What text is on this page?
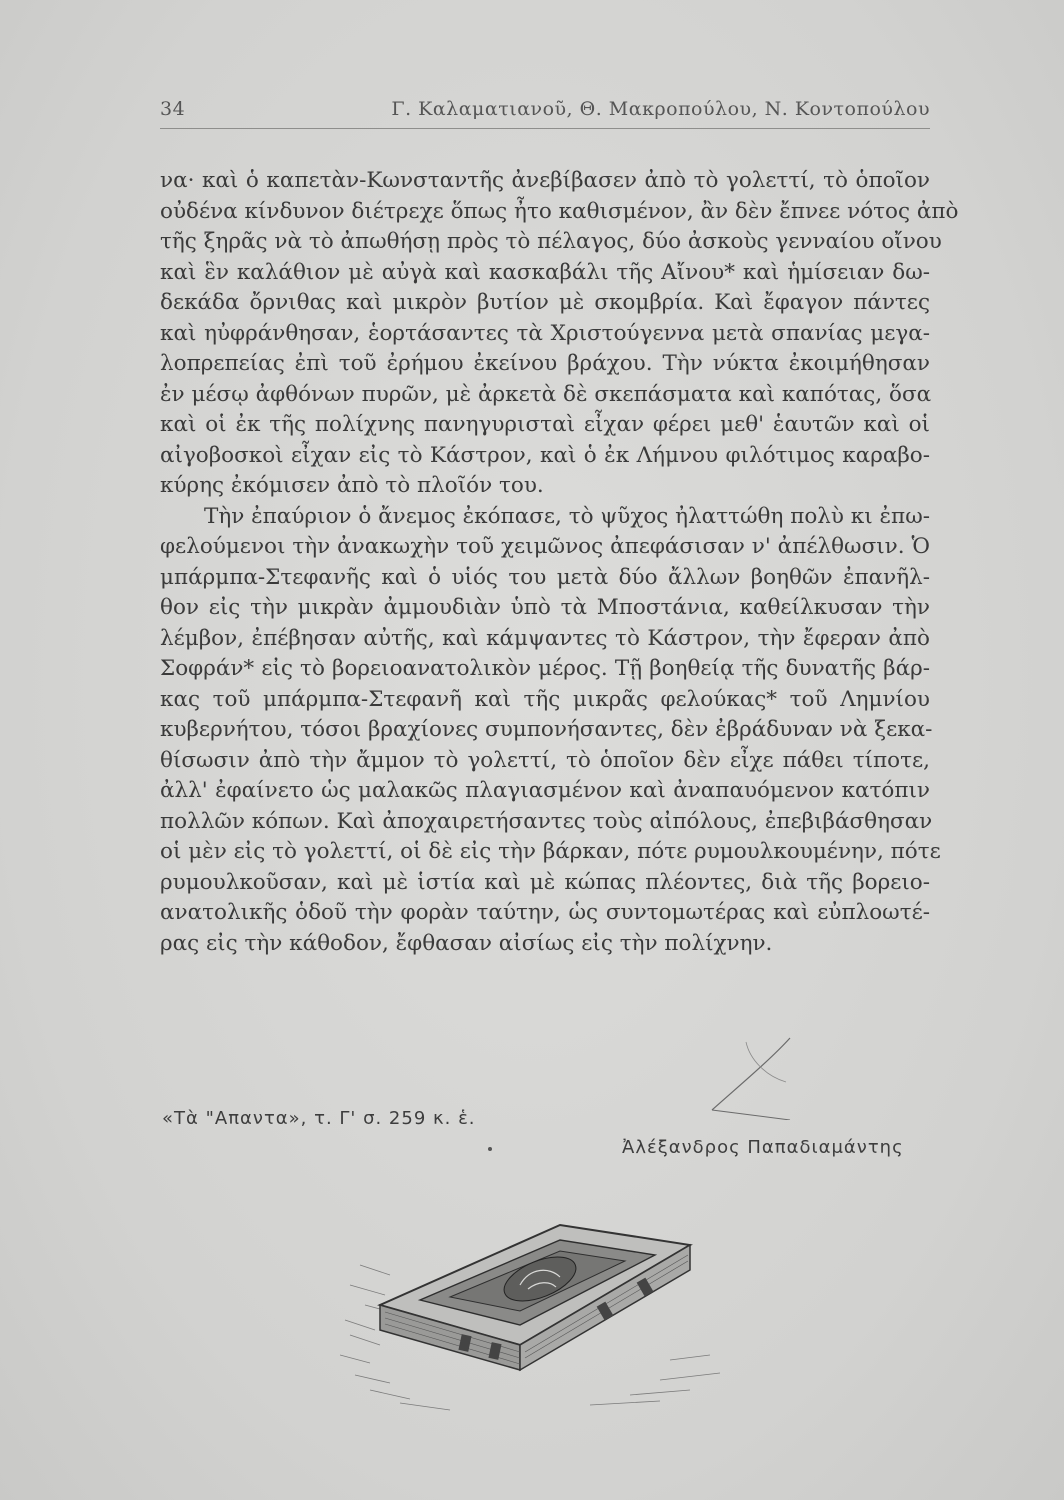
34	Γ. Καλαματιανοῦ, Θ. Μακροπούλου, Ν. Κοντοπούλου
να· καὶ ὁ καπετὰν-Κωνσταντῆς ἀνεβίβασεν ἀπὸ τὸ γολεττί, τὸ ὁποῖον
οὐδένα κίνδυνον διέτρεχε ὅπως ἦτο καθισμένον, ἂν δὲν ἔπνεε νότος ἀπὸ
τῆς ξηρᾶς νὰ τὸ ἀπωθήσῃ πρὸς τὸ πέλαγος, δύο ἀσκοὺς γενναίου οἴνου
καὶ ἓν καλάθιον μὲ αὐγὰ καὶ κασκαβάλι τῆς Αἴνου* καὶ ἡμίσειαν δω-
δεκάδα ὄρνιθας καὶ μικρὸν βυτίον μὲ σκομβρία. Καὶ ἔφαγον πάντες
καὶ ηὐφράνθησαν, ἑορτάσαντες τὰ Χριστούγεννα μετὰ σπανίας μεγα-
λοπρεπείας ἐπὶ τοῦ ἐρήμου ἐκείνου βράχου. Τὴν νύκτα ἐκοιμήθησαν
ἐν μέσῳ ἀφθόνων πυρῶν, μὲ ἀρκετὰ δὲ σκεπάσματα καὶ καπότας, ὅσα
καὶ οἱ ἐκ τῆς πολίχνης πανηγυρισταὶ εἶχαν φέρει μεθ' ἑαυτῶν καὶ οἱ
αἰγοβοσκοὶ εἶχαν εἰς τὸ Κάστρον, καὶ ὁ ἐκ Λήμνου φιλότιμος καραβο-
κύρης ἐκόμισεν ἀπὸ τὸ πλοῖόν του.
Τὴν ἐπαύριον ὁ ἄνεμος ἐκόπασε, τὸ ψῦχος ἠλαττώθη πολὺ κι ἐπω-
φελούμενοι τὴν ἀνακωχὴν τοῦ χειμῶνος ἀπεφάσισαν ν' ἀπέλθωσιν. Ὁ
μπάρμπα-Στεφανῆς καὶ ὁ υἱός του μετὰ δύο ἄλλων βοηθῶν ἐπανῆλ-
θον εἰς τὴν μικρὰν ἀμμουδιὰν ὑπὸ τὰ Μποστάνια, καθείλκυσαν τὴν
λέμβον, ἐπέβησαν αὐτῆς, καὶ κάμψαντες τὸ Κάστρον, τὴν ἔφεραν ἀπὸ
Σοφράν* εἰς τὸ βορειοανατολικὸν μέρος. Τῇ βοηθείᾳ τῆς δυνατῆς βάρ-
κας τοῦ μπάρμπα-Στεφανῆ καὶ τῆς μικρᾶς φελούκας* τοῦ Λημνίου
κυβερνήτου, τόσοι βραχίονες συμπονήσαντες, δὲν ἐβράδυναν νὰ ξεκα-
θίσωσιν ἀπὸ τὴν ἄμμον τὸ γολεττί, τὸ ὁποῖον δὲν εἶχε πάθει τίποτε,
ἀλλ' ἐφαίνετο ὡς μαλακῶς πλαγιασμένον καὶ ἀναπαυόμενον κατόπιν
πολλῶν κόπων. Καὶ ἀποχαιρετήσαντες τοὺς αἰπόλους, ἐπεβιβάσθησαν
οἱ μὲν εἰς τὸ γολεττί, οἱ δὲ εἰς τὴν βάρκαν, πότε ρυμουλκουμένην, πότε
ρυμουλκοῦσαν, καὶ μὲ ἱστία καὶ μὲ κώπας πλέοντες, διὰ τῆς βορειο-
ανατολικῆς ὁδοῦ τὴν φορὰν ταύτην, ὡς συντομωτέρας καὶ εὐπλοωτέ-
ρας εἰς τὴν κάθοδον, ἔφθασαν αἰσίως εἰς τὴν πολίχνην.
«Τὰ "Απαντα», τ. Γ' σ. 259 κ. ἑ.
Ἀλέξανδρος Παπαδιαμάντης
